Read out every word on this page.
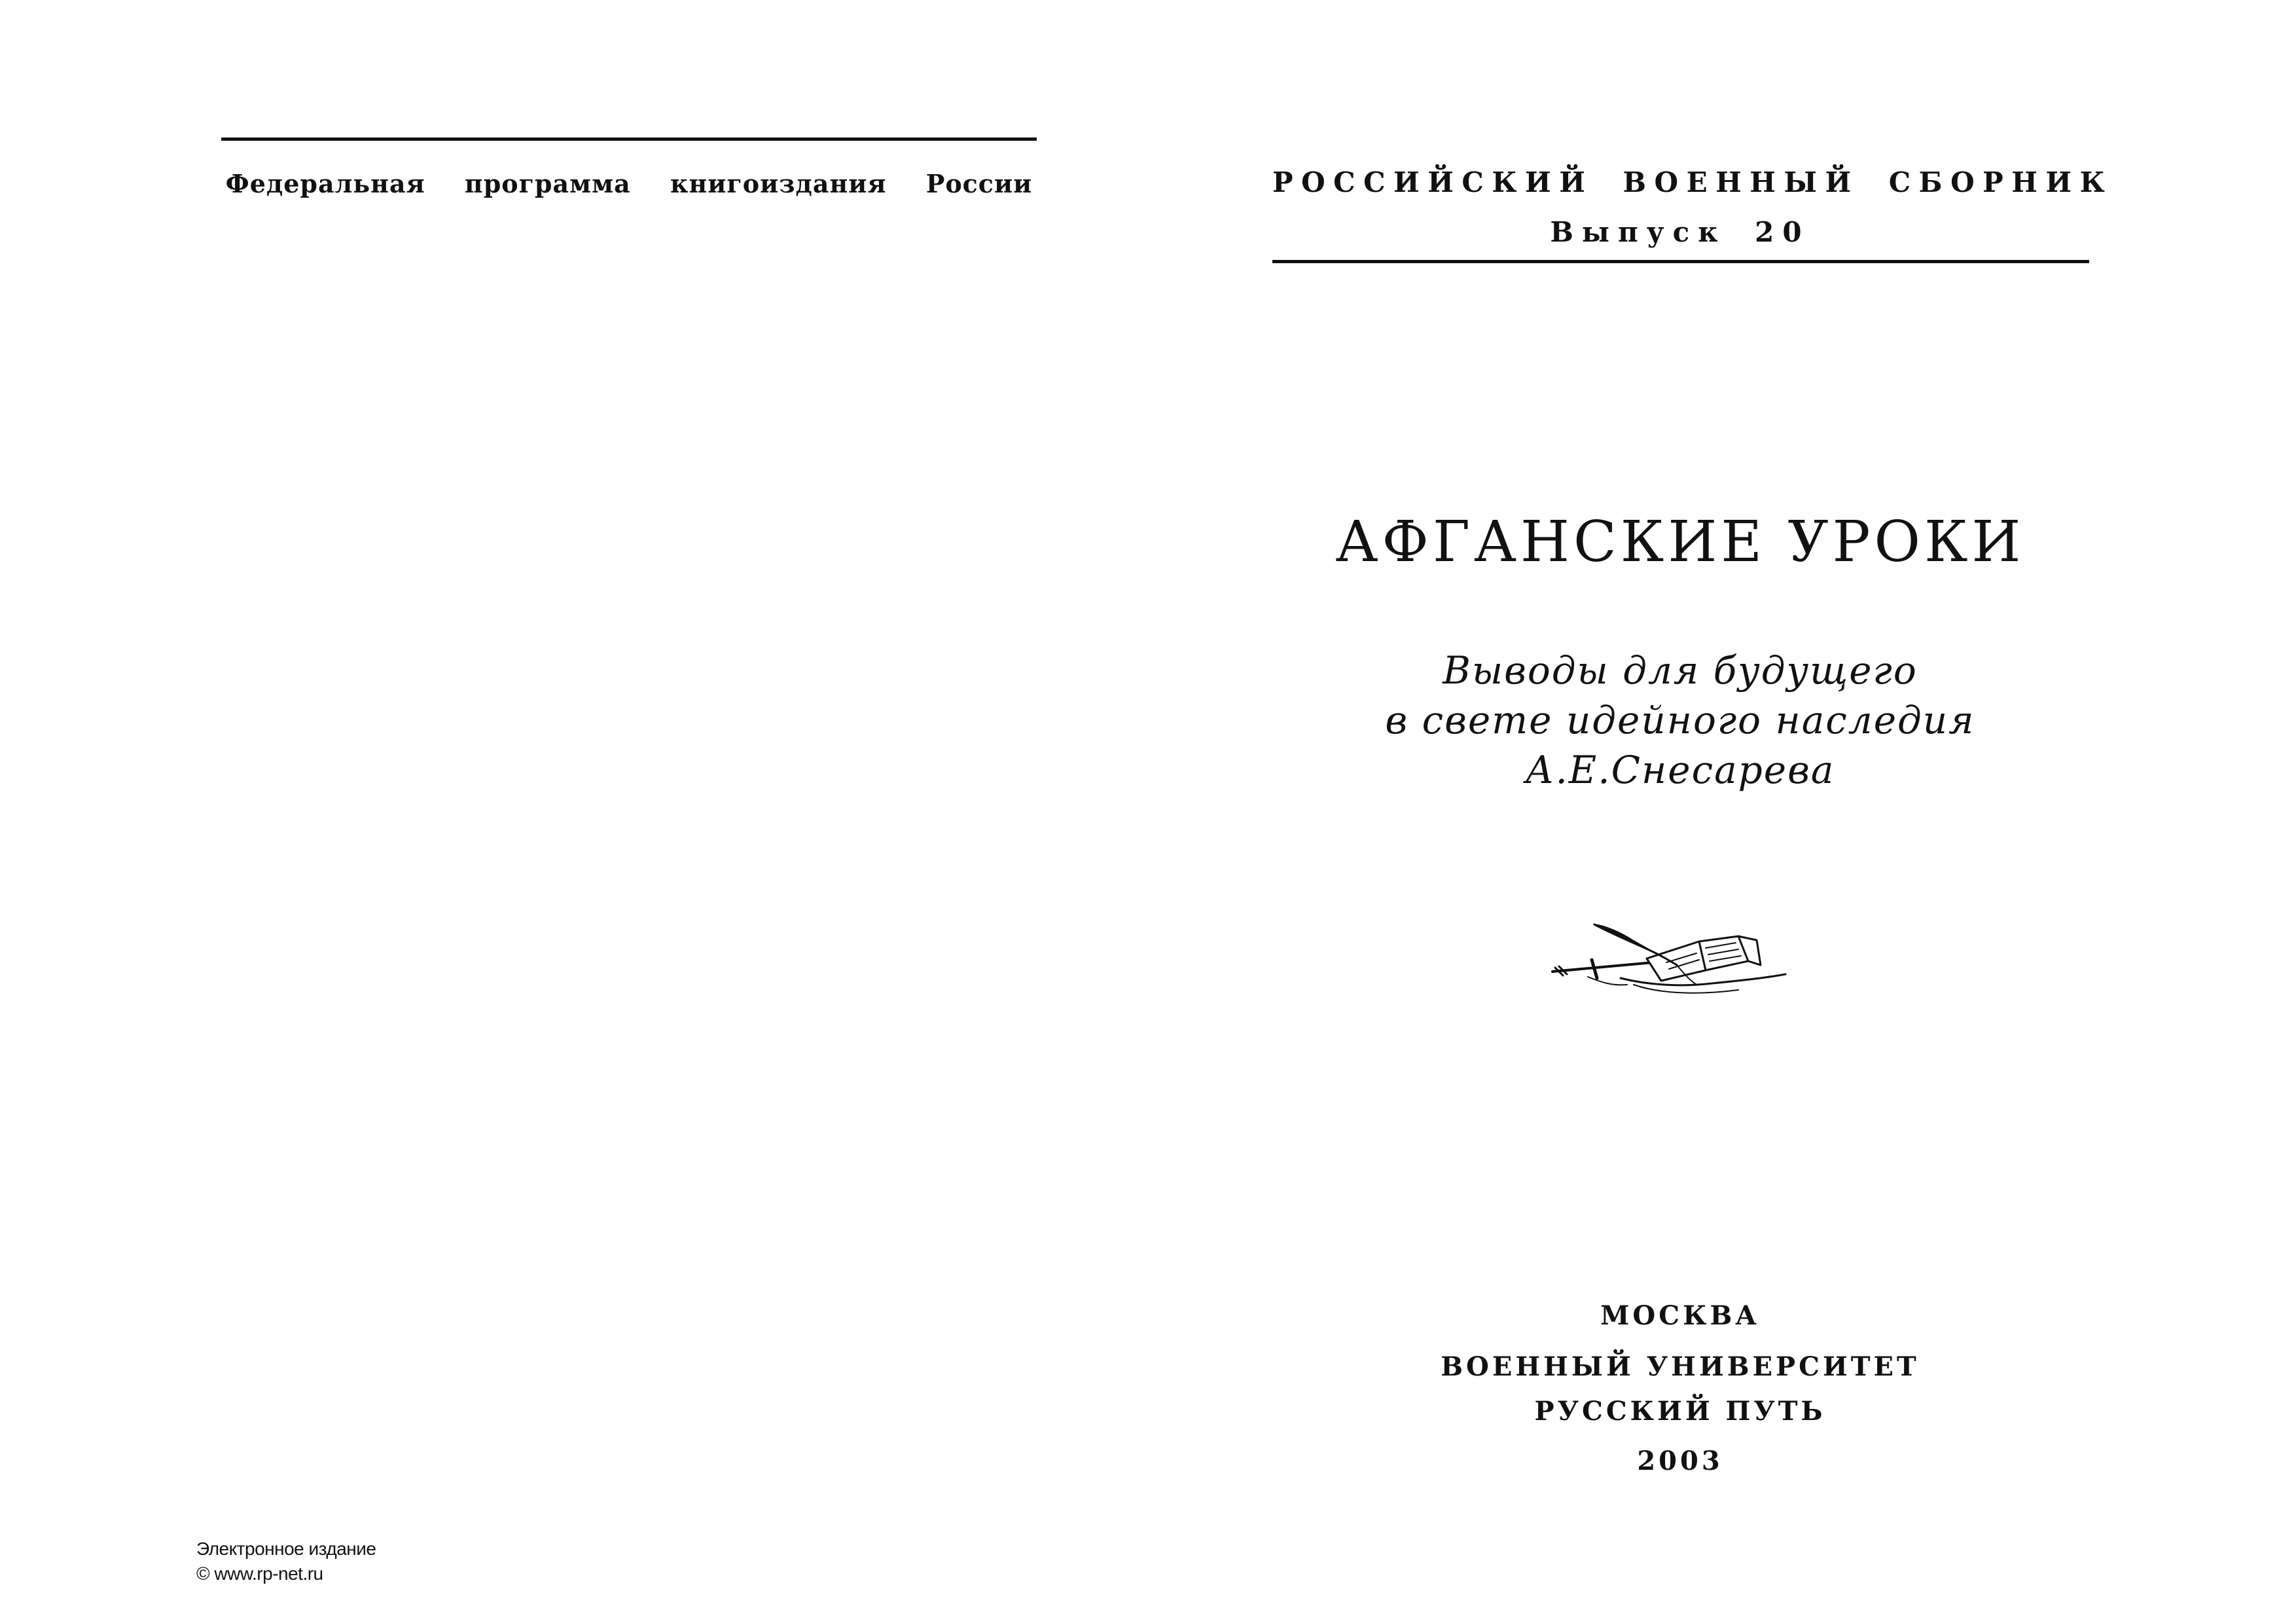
Федеральная программа книгоиздания России	РОССИЙСКИЙ ВОЕННЫЙ СБОРНИК
Выпуск 20
АФГАНСКИЕ УРОКИ
Выводы для будущего
в свете идейного наследия
А.Е.Снесарева
МОСКВА
ВОЕННЫЙ УНИВЕРСИТЕТ
РУССКИЙ ПУТЬ
2003
Электронное издание
© www.rp-net.ru
